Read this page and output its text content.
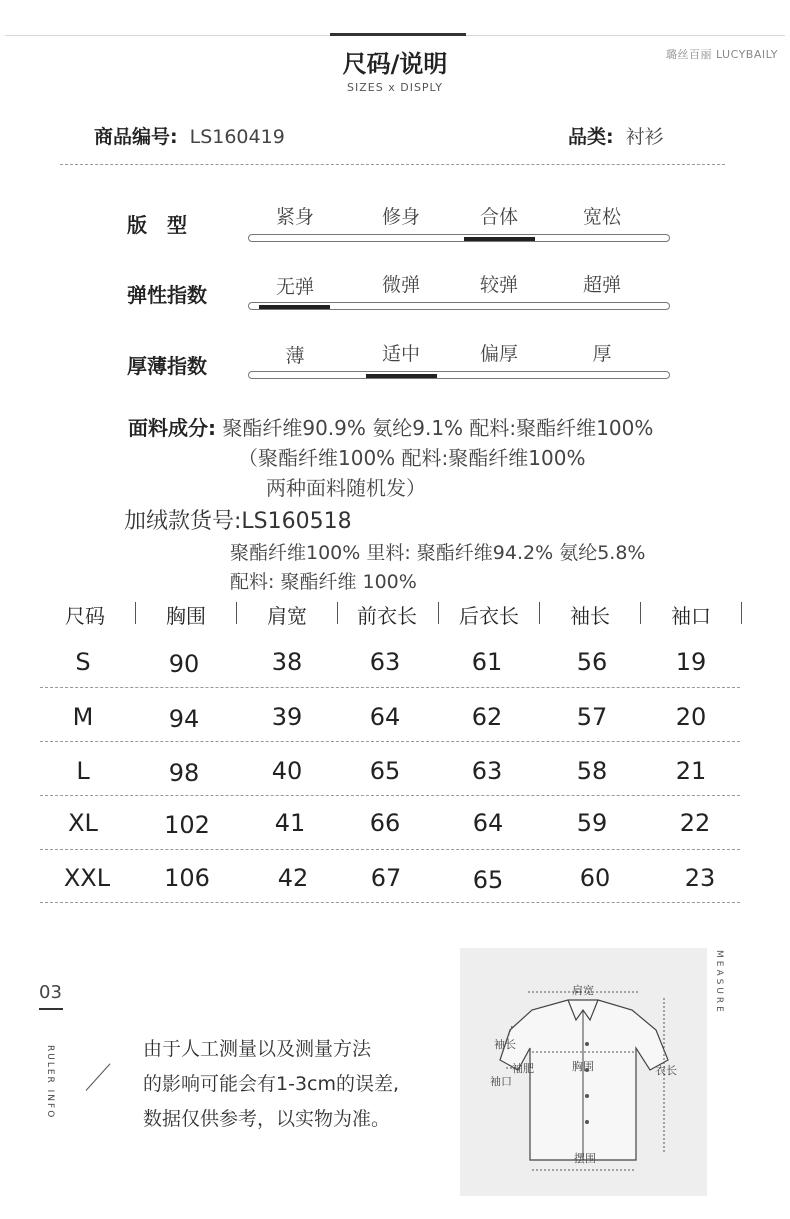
尺码/说明
SIZES x DISPLY
璐丝百丽 LUCYBAILY
商品编号: LS160419	品类: 衬衫
版　型	紧身	修身	合体	宽松
弹性指数	无弹	微弹	较弹	超弹
厚薄指数	薄	适中	偏厚	厚
面料成分: 聚酯纤维90.9% 氨纶9.1% 配料:聚酯纤维100%
（聚酯纤维100% 配料:聚酯纤维100%
两种面料随机发）
加绒款货号:LS160518
聚酯纤维100% 里料: 聚酯纤维94.2% 氨纶5.8%
配料: 聚酯纤维 100%
尺码	胸围	肩宽	前衣长	后衣长	袖长	袖口
S	90	38	63	61	56	19
M	94	39	64	62	57	20
L	98	40	65	63	58	21
XL	102	41	66	64	59	22
XXL	106	42	67	65	60	23
03
RULER INFO	由于人工测量以及测量方法
的影响可能会有1-3cm的误差,
数据仅供参考，以实物为准。
肩宽
袖长
袖肥
袖口
胸围	衣长
摆围
MEASURE
